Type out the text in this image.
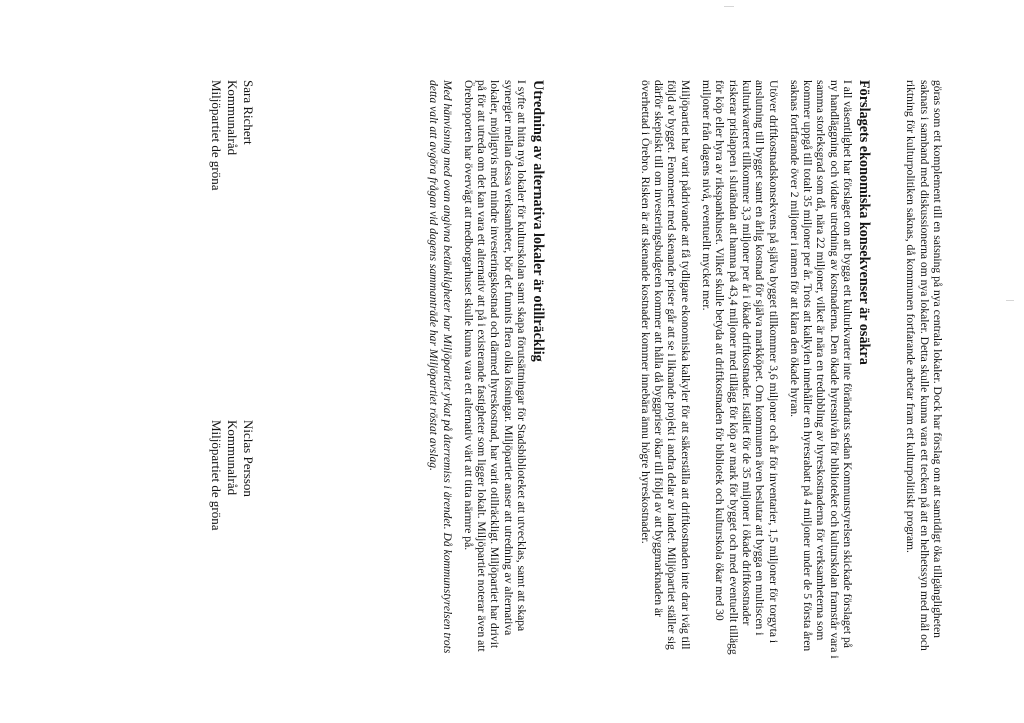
göras som ett komplement till en satsning på nya centrala lokaler. Dock har förslag om att samtidigt öka tillgängligheten saknats i samband med diskussionerna om nya lokaler. Detta skulle kunna vara ett tecken på att en helhetssyn med mål och riktning för kulturpolitiken saknas, då kommunen fortfarande arbetar fram ett kulturpolitiskt program.

Förslagets ekonomiska konsekvenser är osäkra

I all väsentlighet har förslaget om att bygga ett kulturkvarter inte förändrats sedan Kommunstyrelsen skickade förslaget på ny handläggning och vidare utredning av kostnaderna. Den ökade hyresnivån för biblioteket och kulturskolan framstår vara i samma storleksgrad som då, nära 22 miljoner, vilket är nära en tredubbling av hyreskostnaderna för verksamheterna som kommer uppgå till totalt 35 miljoner per år. Trots att kalkylen innehåller en hyresrabatt på 4 miljoner under de 5 första åren saknas fortfarande över 2 miljoner i ramen för att klara den ökade hyran.

Utöver driftkostnadskonsekvens på själva bygget tillkommer 3,6 miljoner och år för inventarier, 1,5 miljoner för torgyta i anslutning till bygget samt en årlig kostnad för själva markköpet. Om kommunen även beslutar att bygga en multiscen i kulturkvarteret tillkommer 3,3 miljoner per år i ökade driftkostnader. Istället för de 35 miljoner i ökade driftkostnader riskerar prislappen i slutändan att hamna på 43,4 miljoner med tillägg för köp av mark för bygget och med eventuellt tillägg för köp eller hyra av rikspankhuset. Vilket skulle betyda att driftkostnaden för bibliotek och kulturskola ökar med 30 miljoner från dagens nivå, eventuellt mycket mer.

Miljöpartiet har varit pådrivande att få tydligare ekonomiska kalkyler för att säkerställa att driftkostnaden inte drar iväg till följd av bygget. Fenomenet med skenande priser går att se i liknande projekt i andra delar av landet. Miljöpartiet ställer sig därför skeptiskt till om investeringsbudgeten kommer att hålla då byggpriser ökar till följd av att byggmarknaden är överhettad i Örebro. Risken är att skenande kostnader kommer innebära ännu högre hyreskostnader.

Utredning av alternativa lokaler är otillräcklig

I syfte att hitta nya lokaler för kulturskolan samt skapa förutsättningar för Stadsbiblioteket att utvecklas, samt att skapa synergier mellan dessa verksamheter, bör det funnits flera olika lösningar. Miljöpartiet anser att utredning av alternativa lokaler, möjligtvis med mindre investeringskostnad och därmed hyreskostnad, har varit otillräckligt. Miljöpartiet har drivit på för att utreda om det kan vara ett alternativ att på i existerande fastigheter som ligger lokalt. Miljöpartiet noterar även att Örebroporten har övervägt att medborgarhuset skulle kunna vara ett alternativ värt att titta närmre på.

Med hänvisning med ovan angivna betänkligheter har Miljöpartiet yrkat på återremiss i ärendet. Då kommunstyrelsen trots detta valt att avgöra frågan vid dagens sammanträde har Miljöpartiet röstat avslag.

Sara Richert
Kommunalråd
Miljöpartiet de gröna
Niclas Persson
Kommunalråd
Miljöpartiet de gröna
